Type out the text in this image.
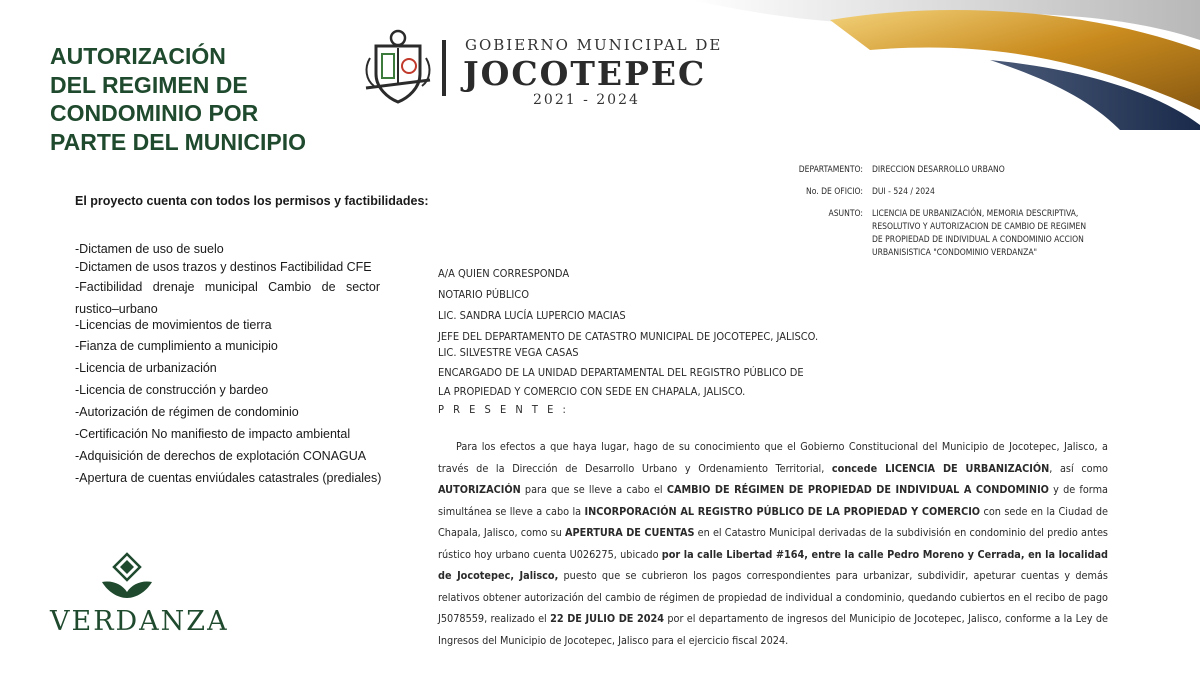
AUTORIZACIÓN
DEL REGIMEN DE
CONDOMINIO POR
PARTE DEL MUNICIPIO

El proyecto cuenta con todos los permisos y factibilidades:

-Dictamen de uso de suelo
-Dictamen de usos trazos y destinos Factibilidad CFE
-Factibilidad drenaje municipal Cambio de sector rustico–urbano
-Licencias de movimientos de tierra
-Fianza de cumplimiento a municipio
-Licencia de urbanización
-Licencia de construcción y bardeo
-Autorización de régimen de condominio
-Certificación No manifiesto de impacto ambiental
-Adquisición de derechos de explotación CONAGUA
-Apertura de cuentas enviúdales catastrales (prediales)
GOBIERNO MUNICIPAL DE
JOCOTEPEC
2021 - 2024
DEPARTAMENTO: DIRECCION DESARROLLO URBANO
No. DE OFICIO: DUI - 524 / 2024
ASUNTO: LICENCIA DE URBANIZACIÓN, MEMORIA DESCRIPTIVA,
RESOLUTIVO Y AUTORIZACION DE CAMBIO DE REGIMEN
DE PROPIEDAD DE INDIVIDUAL A CONDOMINIO ACCION
URBANISISTICA "CONDOMINIO VERDANZA"
A/A QUIEN CORRESPONDA
NOTARIO PÚBLICO
LIC. SANDRA LUCÍA LUPERCIO MACIAS
JEFE DEL DEPARTAMENTO DE CATASTRO MUNICIPAL DE JOCOTEPEC, JALISCO.
LIC. SILVESTRE VEGA CASAS
ENCARGADO DE LA UNIDAD DEPARTAMENTAL DEL REGISTRO PÚBLICO DE
LA PROPIEDAD Y COMERCIO CON SEDE EN CHAPALA, JALISCO.
P R E S E N T E :

Para los efectos a que haya lugar, hago de su conocimiento que el Gobierno Constitucional del Municipio de Jocotepec, Jalisco, a través de la Dirección de Desarrollo Urbano y Ordenamiento Territorial, concede LICENCIA DE URBANIZACIÓN, así como AUTORIZACIÓN para que se lleve a cabo el CAMBIO DE RÉGIMEN DE PROPIEDAD DE INDIVIDUAL A CONDOMINIO y de forma simultánea se lleve a cabo la INCORPORACIÓN AL REGISTRO PÚBLICO DE LA PROPIEDAD Y COMERCIO con sede en la Ciudad de Chapala, Jalisco, como su APERTURA DE CUENTAS en el Catastro Municipal derivadas de la subdivisión en condominio del predio antes rústico hoy urbano cuenta U026275, ubicado por la calle Libertad #164, entre la calle Pedro Moreno y Cerrada, en la localidad de Jocotepec, Jalisco, puesto que se cubrieron los pagos correspondientes para urbanizar, subdividir, apeturar cuentas y demás relativos obtener autorización del cambio de régimen de propiedad de individual a condominio, quedando cubiertos en el recibo de pago J5078559, realizado el 22 DE JULIO DE 2024 por el departamento de ingresos del Municipio de Jocotepec, Jalisco, conforme a la Ley de Ingresos del Municipio de Jocotepec, Jalisco para el ejercicio fiscal 2024.

VERDANZA
